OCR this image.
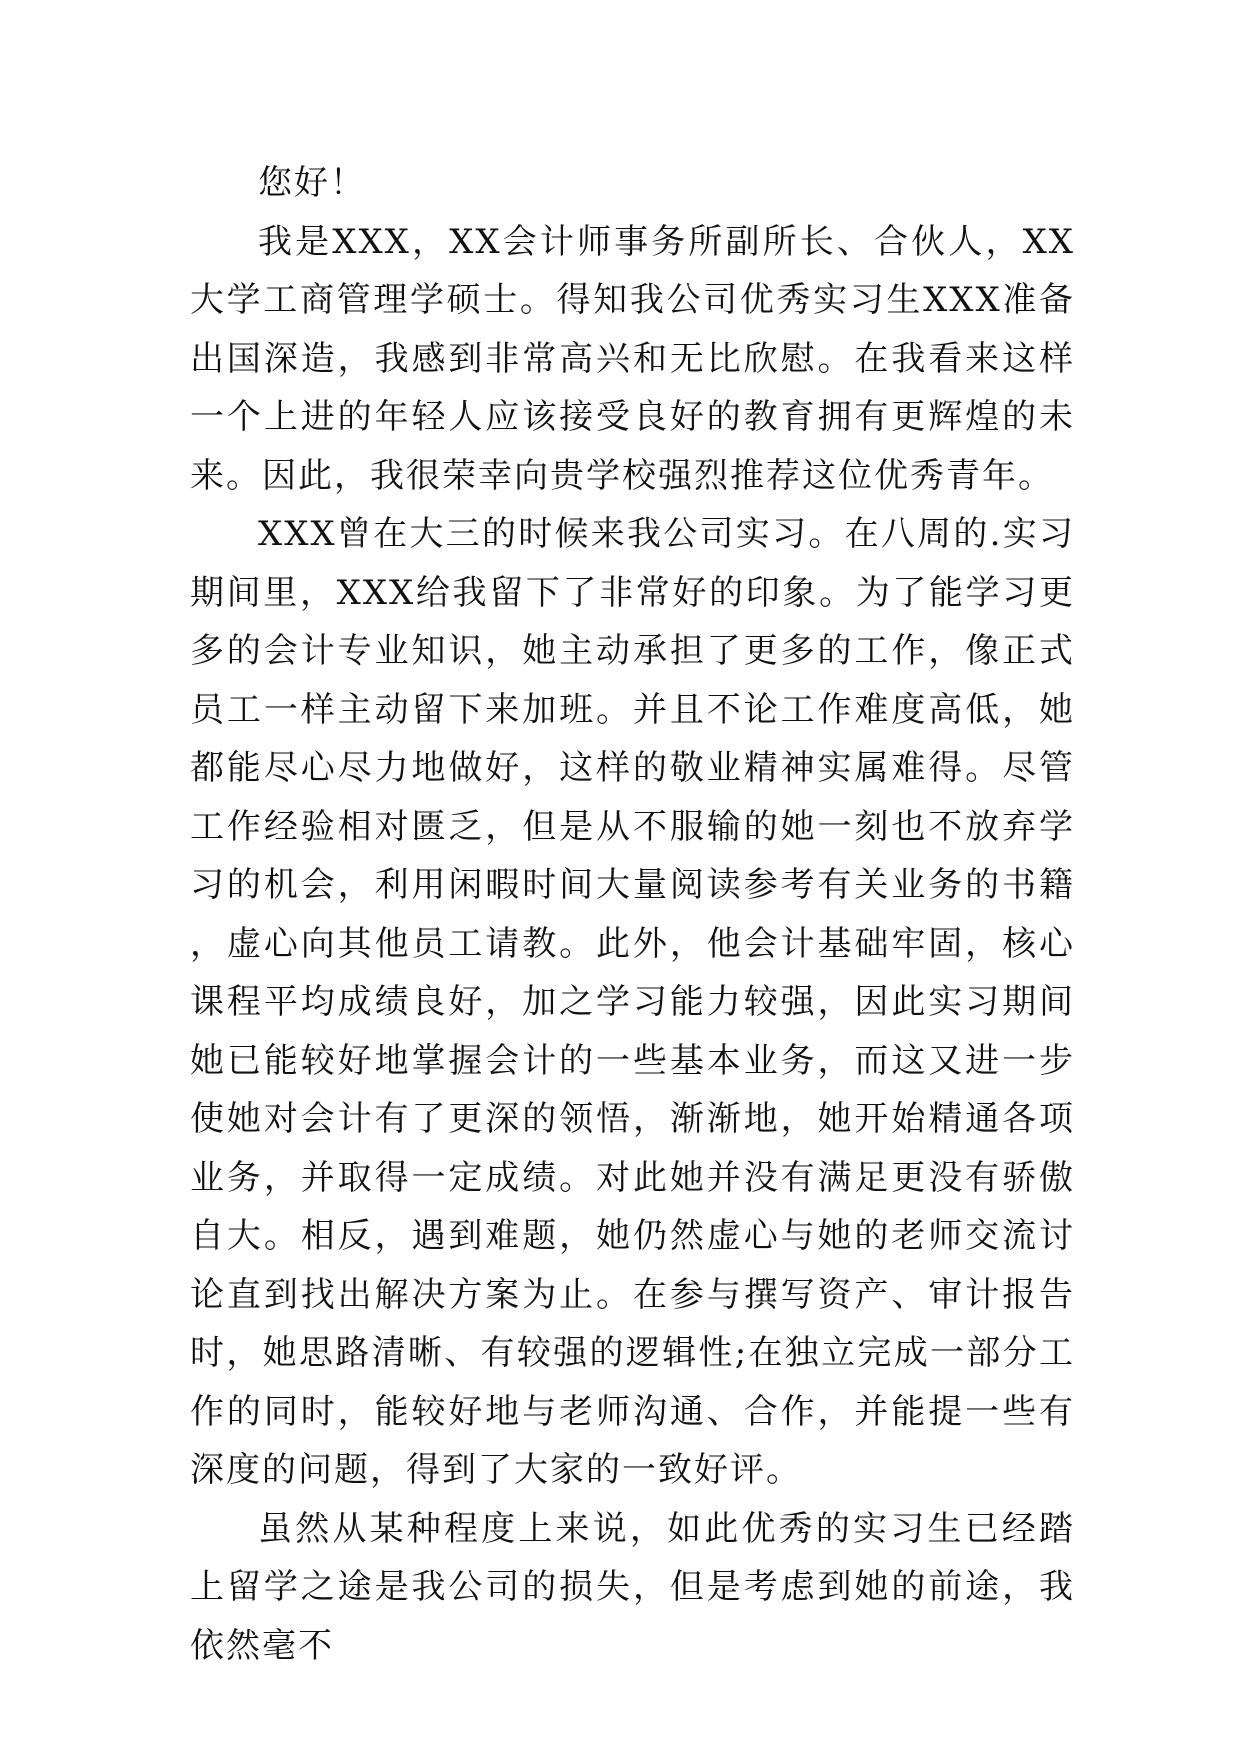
您好！

我是XXX，XX会计师事务所副所长、合伙人，XX大学工商管理学硕士。得知我公司优秀实习生XXX准备出国深造，我感到非常高兴和无比欣慰。在我看来这样一个上进的年轻人应该接受良好的教育拥有更辉煌的未来。因此，我很荣幸向贵学校强烈推荐这位优秀青年。

XXX曾在大三的时候来我公司实习。在八周的.实习期间里，XXX给我留下了非常好的印象。为了能学习更多的会计专业知识，她主动承担了更多的工作，像正式员工一样主动留下来加班。并且不论工作难度高低，她都能尽心尽力地做好，这样的敬业精神实属难得。尽管工作经验相对匮乏，但是从不服输的她一刻也不放弃学习的机会，利用闲暇时间大量阅读参考有关业务的书籍，虚心向其他员工请教。此外，他会计基础牢固，核心课程平均成绩良好，加之学习能力较强，因此实习期间她已能较好地掌握会计的一些基本业务，而这又进一步使她对会计有了更深的领悟，渐渐地，她开始精通各项业务，并取得一定成绩。对此她并没有满足更没有骄傲自大。相反，遇到难题，她仍然虚心与她的老师交流讨论直到找出解决方案为止。在参与撰写资产、审计报告时，她思路清晰、有较强的逻辑性;在独立完成一部分工作的同时，能较好地与老师沟通、合作，并能提一些有深度的问题，得到了大家的一致好评。

虽然从某种程度上来说，如此优秀的实习生已经踏上留学之途是我公司的损失，但是考虑到她的前途，我依然毫不
